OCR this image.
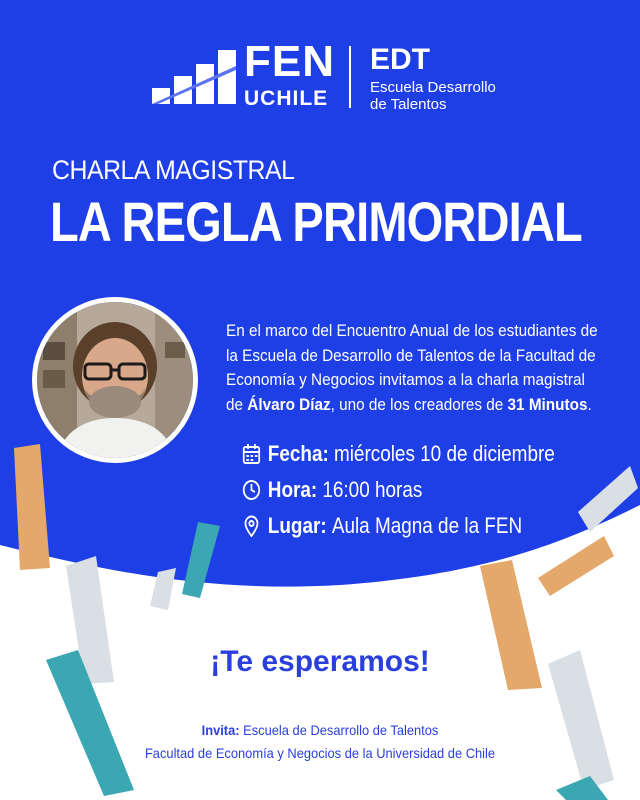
FEN
UCHILE
EDT
Escuela Desarrollo
de Talentos
CHARLA MAGISTRAL
LA REGLA PRIMORDIAL
En el marco del Encuentro Anual de los estudiantes de la Escuela de Desarrollo de Talentos de la Facultad de Economía y Negocios invitamos a la charla magistral de Álvaro Díaz, uno de los creadores de 31 Minutos.
Fecha: miércoles 10 de diciembre
Hora: 16:00 horas
Lugar: Aula Magna de la FEN
¡Te esperamos!
Invita: Escuela de Desarrollo de Talentos
Facultad de Economía y Negocios de la Universidad de Chile
